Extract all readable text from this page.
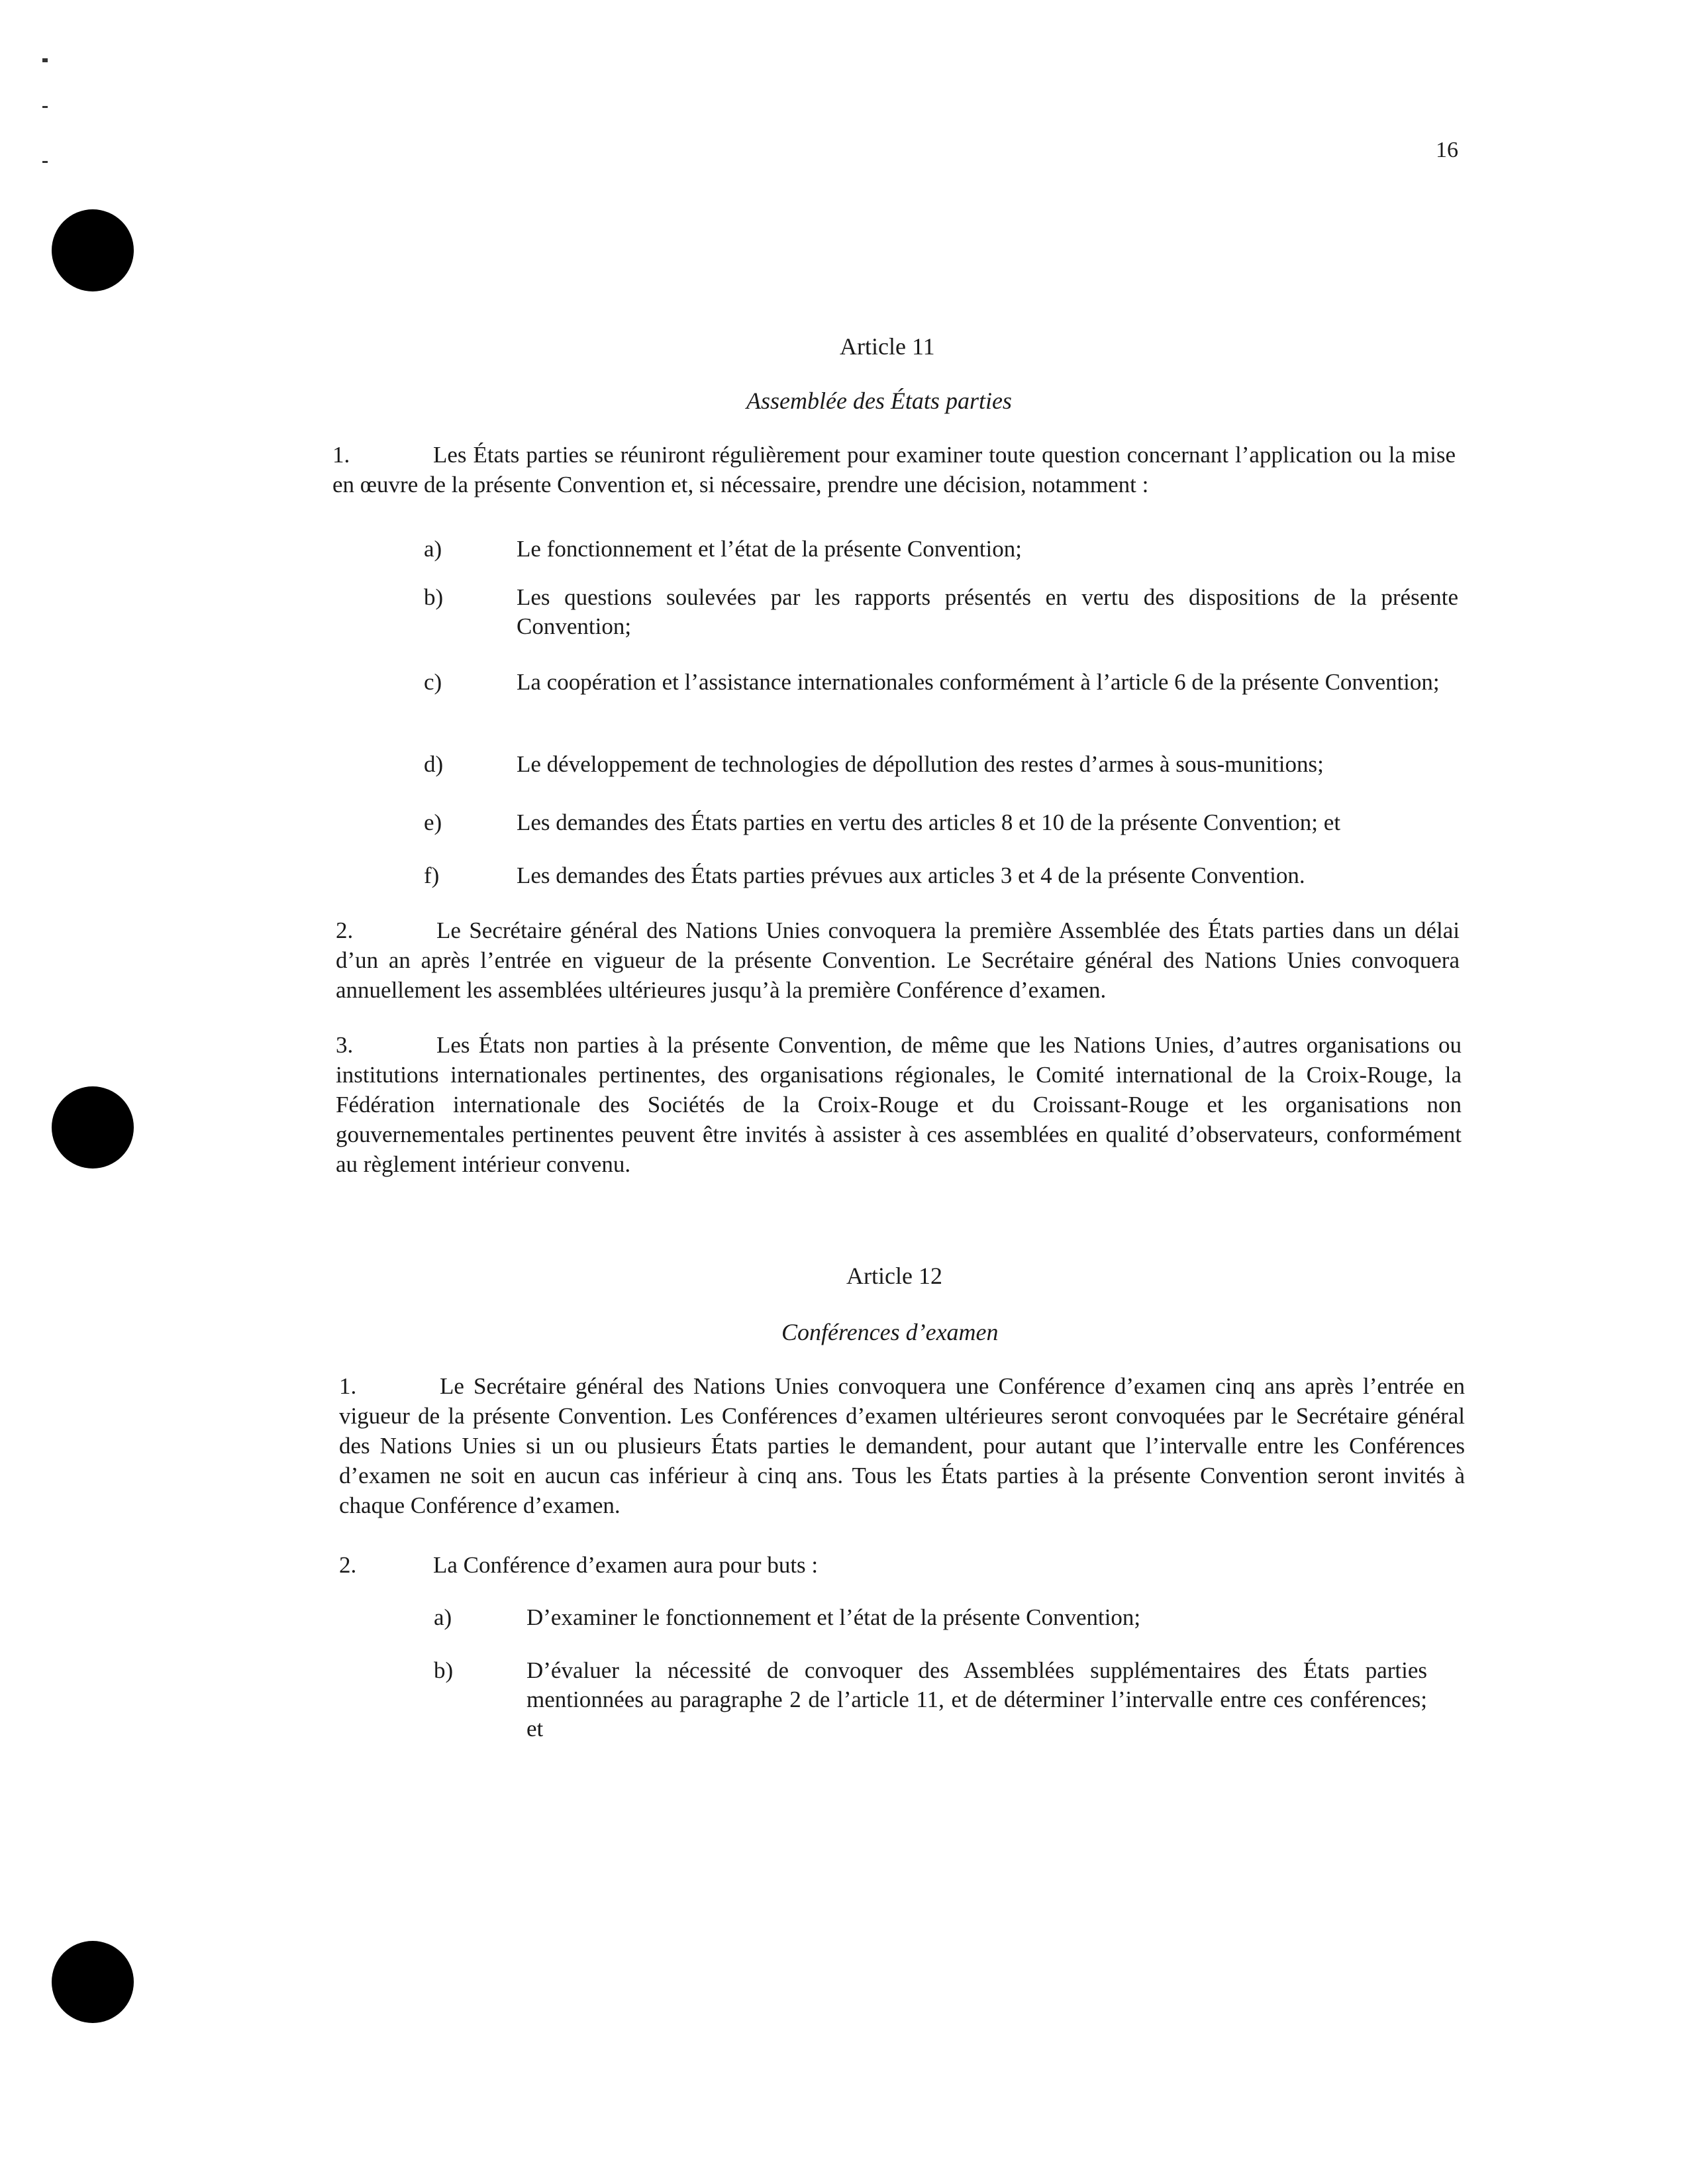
16
Article 11
Assemblée des États parties
1.	Les États parties se réuniront régulièrement pour examiner toute question concernant l’application ou la mise en œuvre de la présente Convention et, si nécessaire, prendre une décision, notamment :
a)	Le fonctionnement et l’état de la présente Convention;
b)	Les questions soulevées par les rapports présentés en vertu des dispositions de la présente Convention;
c)	La coopération et l’assistance internationales conformément à l’article 6 de la présente Convention;
d)	Le développement de technologies de dépollution des restes d’armes à sous-munitions;
e)	Les demandes des États parties en vertu des articles 8 et 10 de la présente Convention; et
f)	Les demandes des États parties prévues aux articles 3 et 4 de la présente Convention.
2.	Le Secrétaire général des Nations Unies convoquera la première Assemblée des États parties dans un délai d’un an après l’entrée en vigueur de la présente Convention. Le Secrétaire général des Nations Unies convoquera annuellement les assemblées ultérieures jusqu’à la première Conférence d’examen.
3.	Les États non parties à la présente Convention, de même que les Nations Unies, d’autres organisations ou institutions internationales pertinentes, des organisations régionales, le Comité international de la Croix-Rouge, la Fédération internationale des Sociétés de la Croix-Rouge et du Croissant-Rouge et les organisations non gouvernementales pertinentes peuvent être invités à assister à ces assemblées en qualité d’observateurs, conformément au règlement intérieur convenu.
Article 12
Conférences d’examen
1.	Le Secrétaire général des Nations Unies convoquera une Conférence d’examen cinq ans après l’entrée en vigueur de la présente Convention. Les Conférences d’examen ultérieures seront convoquées par le Secrétaire général des Nations Unies si un ou plusieurs États parties le demandent, pour autant que l’intervalle entre les Conférences d’examen ne soit en aucun cas inférieur à cinq ans. Tous les États parties à la présente Convention seront invités à chaque Conférence d’examen.
2.	La Conférence d’examen aura pour buts :
a)	D’examiner le fonctionnement et l’état de la présente Convention;
b)	D’évaluer la nécessité de convoquer des Assemblées supplémentaires des États parties mentionnées au paragraphe 2 de l’article 11, et de déterminer l’intervalle entre ces conférences; et
